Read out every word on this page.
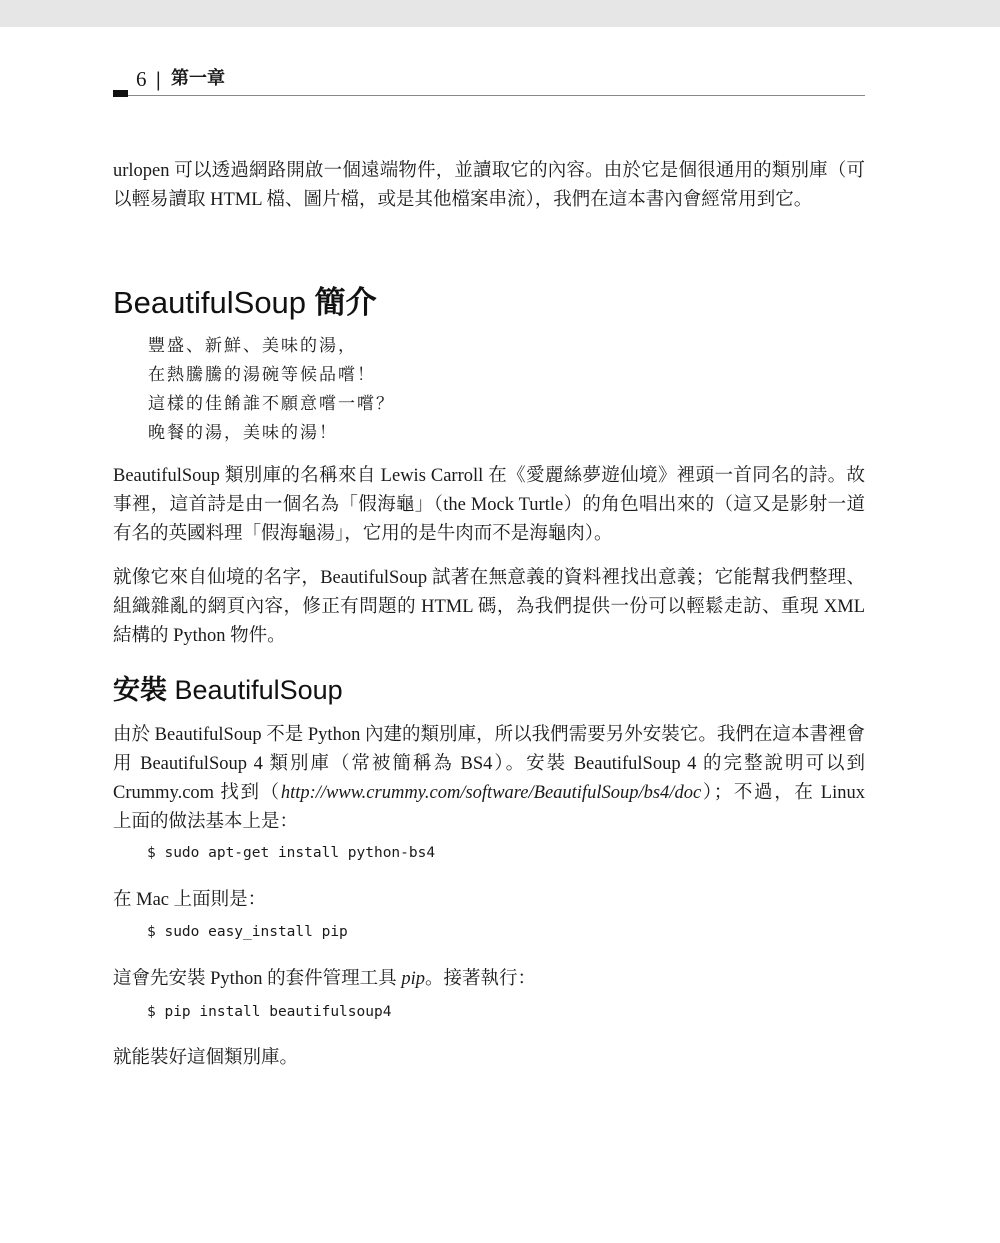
6 | 第一章

urlopen 可以透過網路開啟一個遠端物件，並讀取它的內容。由於它是個很通用的類別庫（可以輕易讀取 HTML 檔、圖片檔，或是其他檔案串流），我們在這本書內會經常用到它。

BeautifulSoup 簡介
豐盛、新鮮、美味的湯，
在熱騰騰的湯碗等候品嚐！
這樣的佳餚誰不願意嚐一嚐？
晚餐的湯，美味的湯！

BeautifulSoup 類別庫的名稱來自 Lewis Carroll 在《愛麗絲夢遊仙境》裡頭一首同名的詩。故事裡，這首詩是由一個名為「假海龜」（the Mock Turtle）的角色唱出來的（這又是影射一道有名的英國料理「假海龜湯」，它用的是牛肉而不是海龜肉）。

就像它來自仙境的名字，BeautifulSoup 試著在無意義的資料裡找出意義；它能幫我們整理、組織雜亂的網頁內容，修正有問題的 HTML 碼，為我們提供一份可以輕鬆走訪、重現 XML 結構的 Python 物件。

安裝 BeautifulSoup

由於 BeautifulSoup 不是 Python 內建的類別庫，所以我們需要另外安裝它。我們在這本書裡會用 BeautifulSoup 4 類別庫（常被簡稱為 BS4）。安裝 BeautifulSoup 4 的完整說明可以到 Crummy.com 找到（http://www.crummy.com/software/BeautifulSoup/bs4/doc）；不過，在 Linux 上面的做法基本上是：

$ sudo apt-get install python-bs4

在 Mac 上面則是：

$ sudo easy_install pip

這會先安裝 Python 的套件管理工具 pip。接著執行：

$ pip install beautifulsoup4

就能裝好這個類別庫。
